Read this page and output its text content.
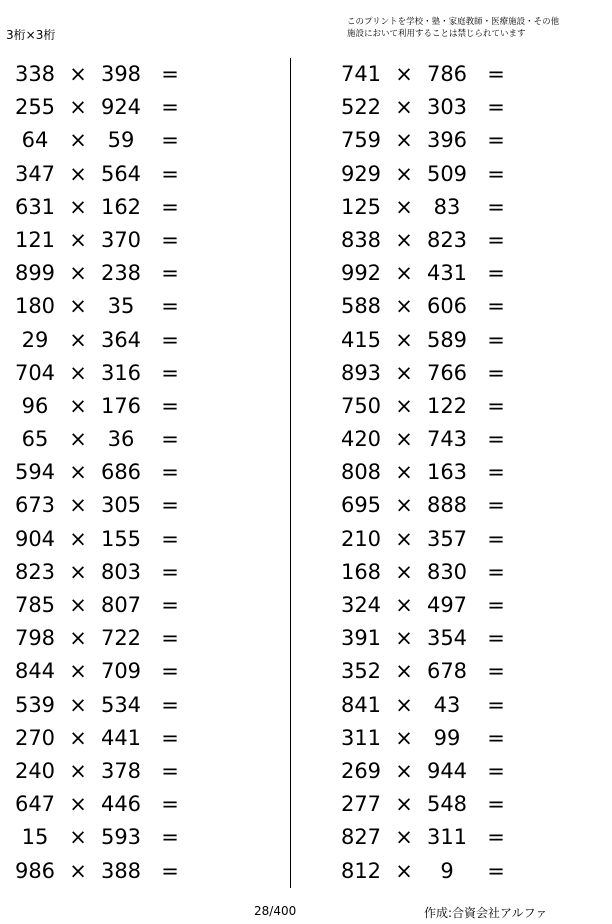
3桁×3桁
このプリントを学校・塾・家庭教師・医療施設・その他
施設において利用することは禁じられています
338 × 398 =
255 × 924 =
64 × 59	=
347 × 564 =
631 × 162 =
121 × 370 =
899 × 238 =
180 × 35	=
29 × 364 =
704 × 316 =
96 × 176 =
65 × 36	=
594 × 686 =
673 × 305 =
904 × 155 =
823 × 803 =
785 × 807 =
798 × 722 =
844 × 709 =
539 × 534 =
270 × 441 =
240 × 378 =
647 × 446 =
15 × 593 =
986 × 388 =
741 × 786 =
522 × 303 =
759 × 396 =
929 × 509 =
125 × 83	=
838 × 823 =
992 × 431 =
588 × 606 =
415 × 589 =
893 × 766 =
750 × 122 =
420 × 743 =
808 × 163 =
695 × 888 =
210 × 357 =
168 × 830 =
324 × 497 =
391 × 354 =
352 × 678 =
841 × 43	=
311 × 99	=
269 × 944 =
277 × 548 =
827 × 311 =
812 ×	9	=
28/400	作成:合資会社アルファ
